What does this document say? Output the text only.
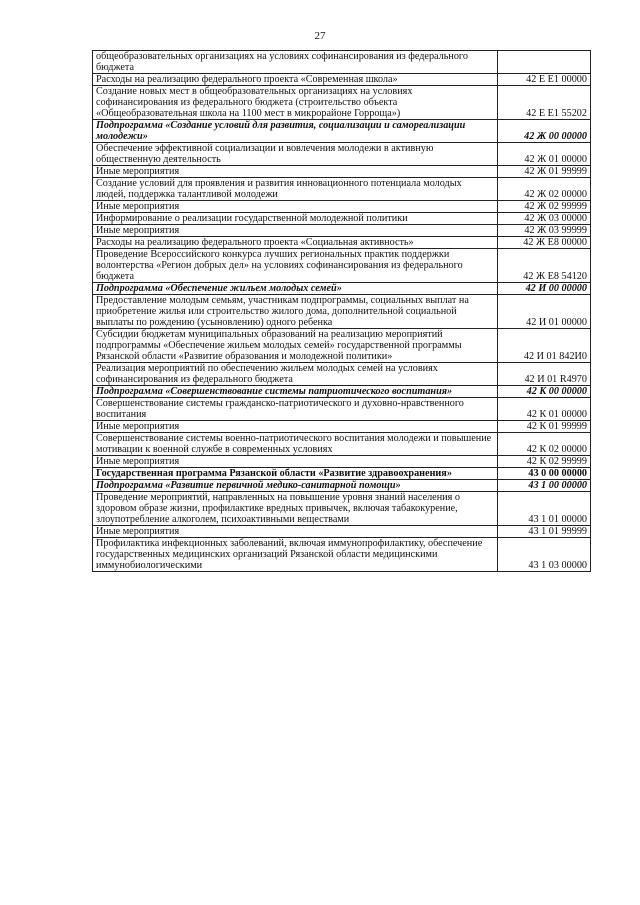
27
общеобразовательных организациях на условиях софинансирования из федерального бюджета	
Расходы на реализацию федерального проекта «Современная школа»	42 Е Е1 00000
Создание новых мест в общеобразовательных организациях на условиях софинансирования из федерального бюджета (строительство объекта «Общеобразовательная школа на 1100 мест в микрорайоне Горроща»)	42 Е Е1 55202
Подпрограмма «Создание условий для развития, социализации и самореализации молодежи»	42 Ж 00 00000
Обеспечение эффективной социализации и вовлечения молодежи в активную общественную деятельность	42 Ж 01 00000
Иные мероприятия	42 Ж 01 99999
Создание условий для проявления и развития инновационного потенциала молодых людей, поддержка талантливой молодежи	42 Ж 02 00000
Иные мероприятия	42 Ж 02 99999
Информирование о реализации государственной молодежной политики	42 Ж 03 00000
Иные мероприятия	42 Ж 03 99999
Расходы на реализацию федерального проекта «Социальная активность»	42 Ж Е8 00000
Проведение Всероссийского конкурса лучших региональных практик поддержки волонтерства «Регион добрых дел» на условиях софинансирования из федерального бюджета	42 Ж Е8 54120
Подпрограмма «Обеспечение жильем молодых семей»	42 И 00 00000
Предоставление молодым семьям, участникам подпрограммы, социальных выплат на приобретение жилья или строительство жилого дома, дополнительной социальной выплаты по рождению (усыновлению) одного ребенка	42 И 01 00000
Субсидии бюджетам муниципальных образований на реализацию мероприятий подпрограммы «Обеспечение жильем молодых семей» государственной программы Рязанской области «Развитие образования и молодежной политики»	42 И 01 842И0
Реализация мероприятий по обеспечению жильем молодых семей на условиях софинансирования из федерального бюджета	42 И 01 R4970
Подпрограмма «Совершенствование системы патриотического воспитания»	42 К 00 00000
Совершенствование системы гражданско-патриотического и духовно-нравственного воспитания	42 К 01 00000
Иные мероприятия	42 К 01 99999
Совершенствование системы военно-патриотического воспитания молодежи и повышение мотивации к военной службе в современных условиях	42 К 02 00000
Иные мероприятия	42 К 02 99999
Государственная программа Рязанской области «Развитие здравоохранения»	43 0 00 00000
Подпрограмма «Развитие первичной медико-санитарной помощи»	43 1 00 00000
Проведение мероприятий, направленных на повышение уровня знаний населения о здоровом образе жизни, профилактике вредных привычек, включая табакокурение, злоупотребление алкоголем, психоактивными веществами	43 1 01 00000
Иные мероприятия	43 1 01 99999
Профилактика инфекционных заболеваний, включая иммунопрофилактику, обеспечение государственных медицинских организаций Рязанской области медицинскими иммунобиологическими	43 1 03 00000
